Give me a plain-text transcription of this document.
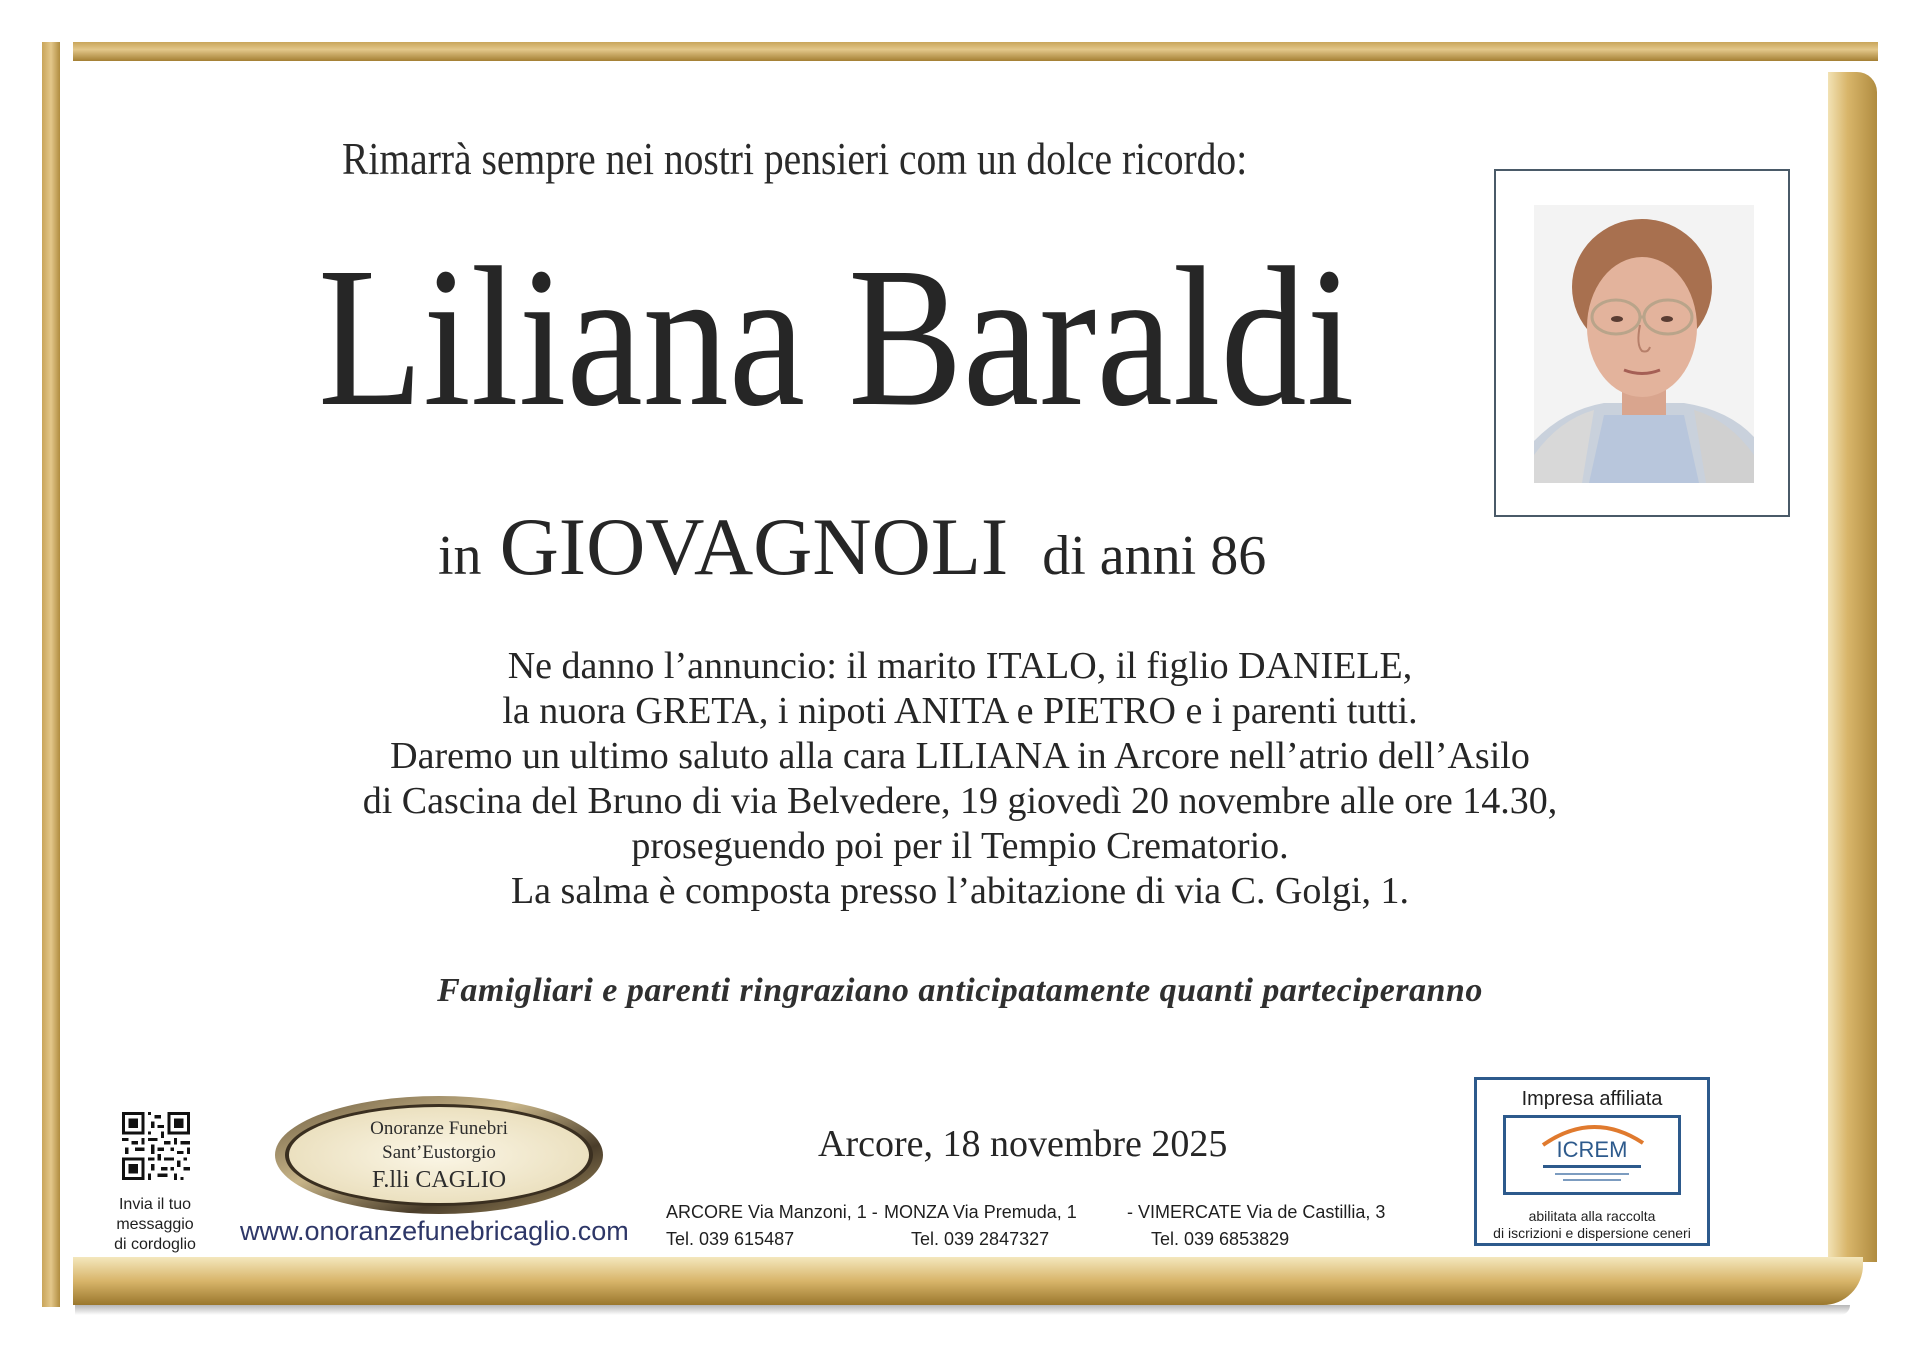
Rimarrà sempre nei nostri pensieri com un dolce ricordo:
Liliana Baraldi
in GIOVAGNOLI di anni 86
Ne danno l’annuncio: il marito ITALO, il figlio DANIELE,
la nuora GRETA, i nipoti ANITA e PIETRO e i parenti tutti.
Daremo un ultimo saluto alla cara LILIANA in Arcore nell’atrio dell’Asilo
di Cascina del Bruno di via Belvedere, 19 giovedì 20 novembre alle ore 14.30,
proseguendo poi per il Tempio Crematorio.
La salma è composta presso l’abitazione di via C. Golgi, 1.
Famigliari e parenti ringraziano anticipatamente quanti parteciperanno
Invia il tuo
messaggio
di cordoglio
Onoranze Funebri
Sant’Eustorgio
F.lli CAGLIO
www.onoranzefunebricaglio.com
Arcore, 18 novembre 2025
ARCORE Via Manzoni, 1 - MONZA Via Premuda, 1	- VIMERCATE Via de Castillia, 3
Tel. 039 615487	Tel. 039 2847327	Tel. 039 6853829
Impresa affiliata
ICREM
abilitata alla raccolta
di iscrizioni e dispersione ceneri
